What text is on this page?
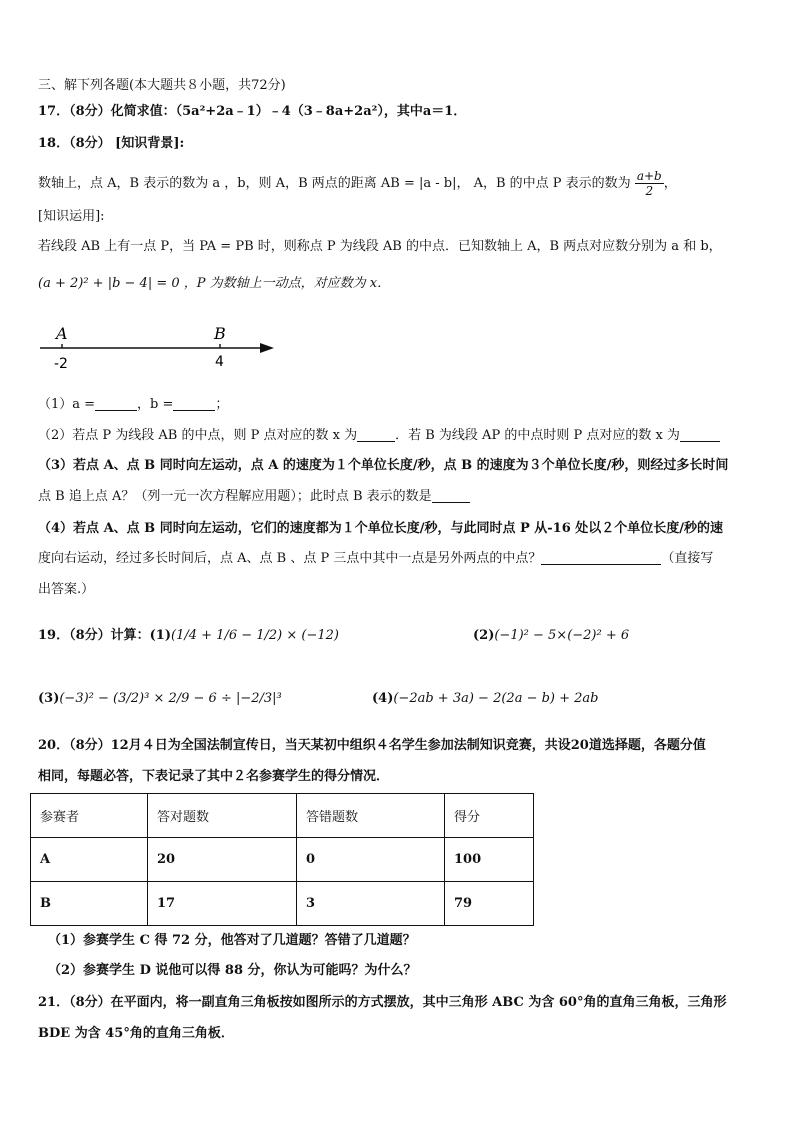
三、解下列各题(本大题共８小题，共72分)
17．（8分）化简求值：（5a²+2a﹣1）﹣4（3﹣8a+2a²），其中a＝1．
18．（8分） [知识背景]:
数轴上，点 A，B 表示的数为 a ，b，则 A，B 两点的距离 AB = |a - b|， A，B 的中点 P 表示的数为 $\frac{a+b}{2}$ ，
[知识运用]:
若线段 AB 上有一点 P，当 PA = PB 时，则称点 P 为线段 AB 的中点．已知数轴上 A，B 两点对应数分别为 a 和 b，
(a + 2)² + |b − 4| = 0 ，P 为数轴上一动点，对应数为 x．
A	B
-2	4
（1）a =	，b =	；
（2）若点 P 为线段 AB 的中点，则 P 点对应的数 x 为	．若 B 为线段 AP 的中点时则 P 点对应的数 x 为
（3）若点 A、点 B 同时向左运动，点 A 的速度为１个单位长度/秒，点 B 的速度为３个单位长度/秒，则经过多长时间
点 B 追上点 A？（列一元一次方程解应用题）；此时点 B 表示的数是
（4）若点 A、点 B 同时向左运动，它们的速度都为１个单位长度/秒，与此同时点 P 从-16 处以２个单位长度/秒的速
度向右运动，经过多长时间后，点 A、点 B 、点 P 三点中其中一点是另外两点的中点？	（直接写
出答案.）
19．（8分）计算：(1)(1/4 + 1/6 − 1/2) × (−12)	(2)(−1)² − 5×(−2)² + 6
(3)(−3)² − (3/2)³ × 2/9 − 6 ÷ |−2/3|³	(4)(−2ab + 3a) − 2(2a − b) + 2ab
20．（8分）12月４日为全国法制宣传日，当天某初中组织４名学生参加法制知识竞赛，共设20道选择题，各题分值
相同，每题必答，下表记录了其中２名参赛学生的得分情况．
参赛者	答对题数	答错题数	得分
A	20	0	100
B	17	3	79
（1）参赛学生 C 得 72 分，他答对了几道题？答错了几道题？
（2）参赛学生 D 说他可以得 88 分，你认为可能吗？为什么？
21．（8分）在平面内，将一副直角三角板按如图所示的方式摆放，其中三角形 ABC 为含 60°角的直角三角板，三角形
BDE 为含 45°角的直角三角板．
